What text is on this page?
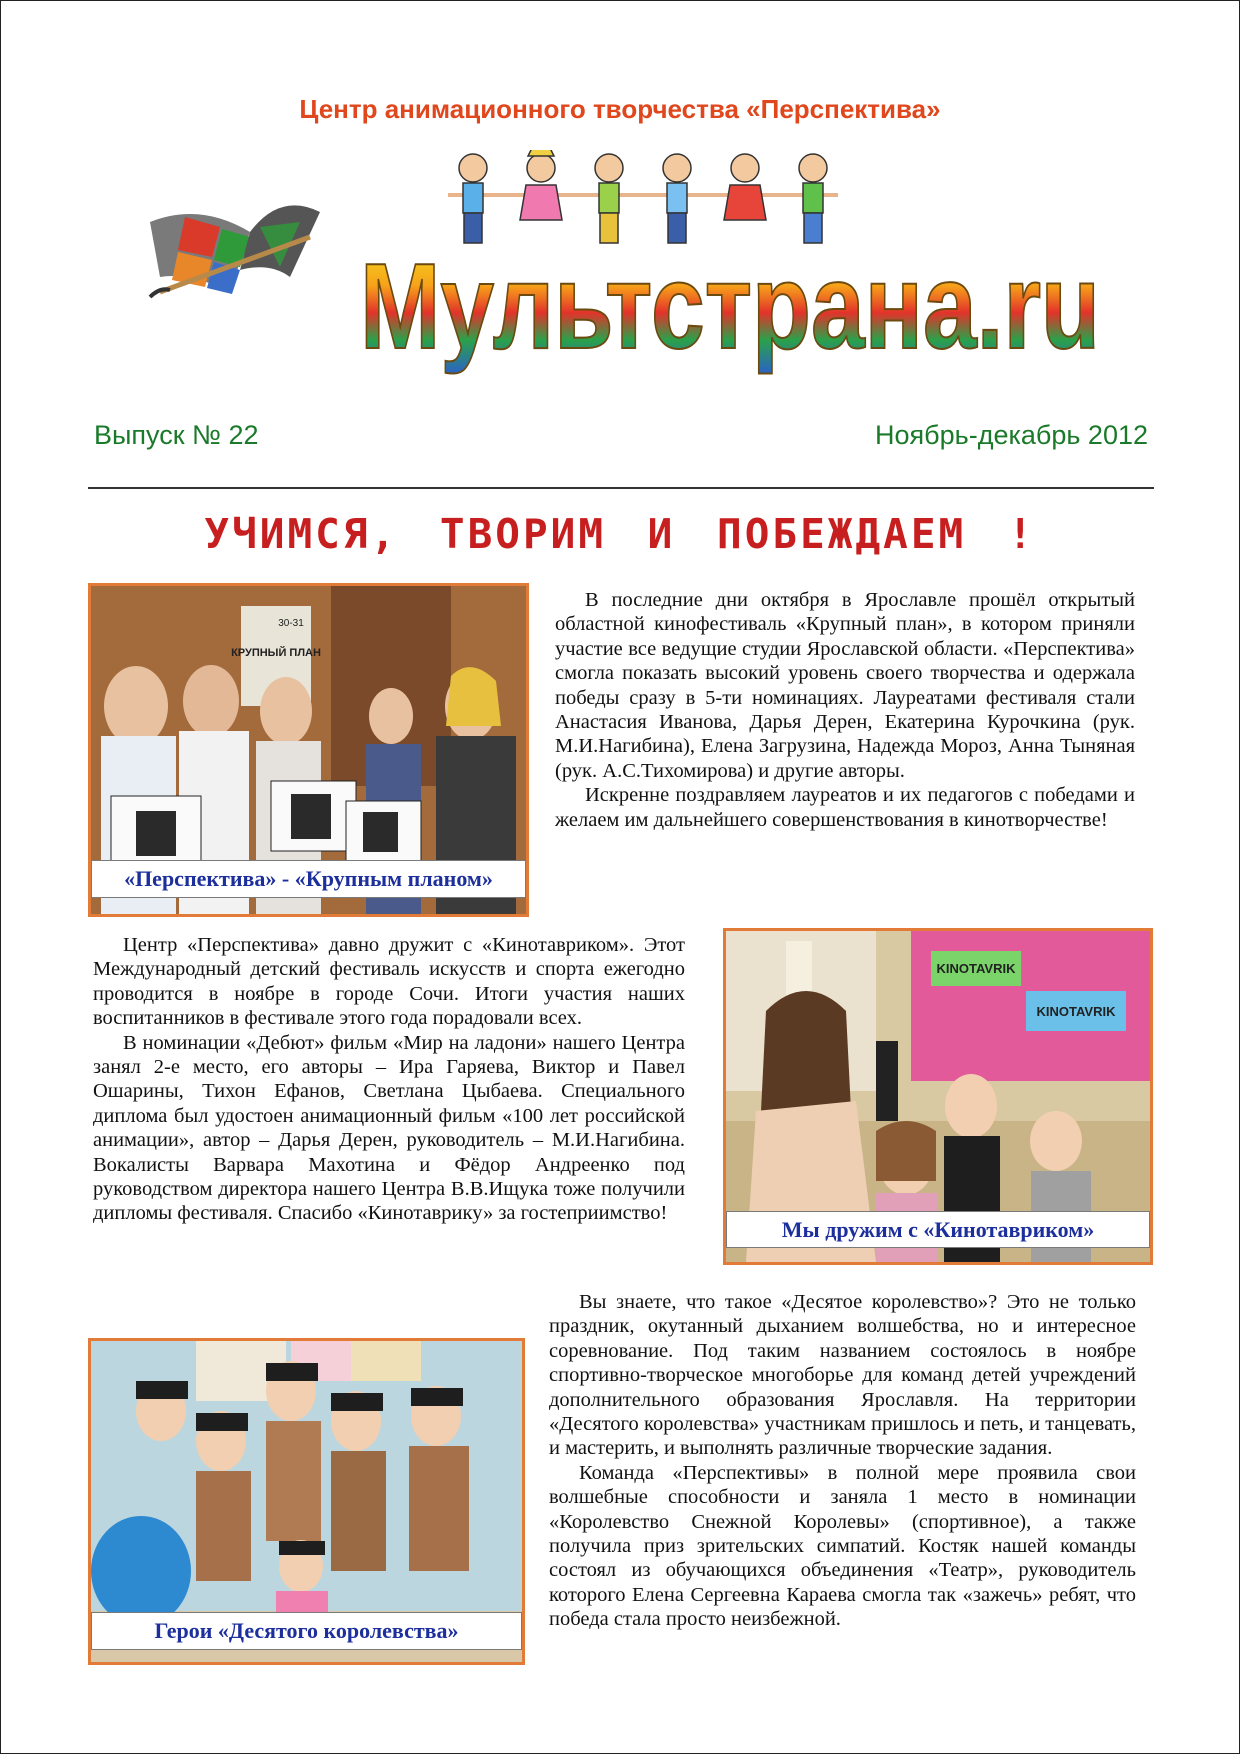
Центр анимационного творчества «Перспектива»
Мультстрана.ru
Выпуск № 22	Ноябрь-декабрь 2012
УЧИМСЯ, ТВОРИМ И ПОБЕЖДАЕМ !
КРУПНЫЙ ПЛАН
30-31
«Перспектива» - «Крупным планом»

В последние дни октября в Ярославле прошёл открытый областной кинофестиваль «Крупный план», в котором приняли участие все ведущие студии Ярославской области. «Перспектива» смогла показать высокий уровень своего творчества и одержала победы сразу в 5-ти номинациях. Лауреатами фестиваля стали Анастасия Иванова, Дарья Дерен, Екатерина Курочкина (рук. М.И.Нагибина), Елена Загрузина, Надежда Мороз, Анна Тыняная (рук. А.С.Тихомирова) и другие авторы.

Искренне поздравляем лауреатов и их педагогов с победами и желаем им дальнейшего совершенствования в кинотворчестве!

Центр «Перспектива» давно дружит с «Кинотавриком». Этот Международный детский фестиваль искусств и спорта ежегодно проводится в ноябре в городе Сочи. Итоги участия наших воспитанников в фестивале этого года порадовали всех.

В номинации «Дебют» фильм «Мир на ладони» нашего Центра занял 2-е место, его авторы – Ира Гаряева, Виктор и Павел Ошарины, Тихон Ефанов, Светлана Цыбаева. Специального диплома был удостоен анимационный фильм «100 лет российской анимации», автор – Дарья Дерен, руководитель – М.И.Нагибина. Вокалисты Варвара Махотина и Фёдор Андреенко под руководством директора нашего Центра В.В.Ищука тоже получили дипломы фестиваля. Спасибо «Кинотаврику» за гостеприимство!

KINOTAVRIK
KINOTAVRIK
Мы дружим с «Кинотавриком»
Герои «Десятого королевства»

Вы знаете, что такое «Десятое королевство»? Это не только праздник, окутанный дыханием волшебства, но и интересное соревнование. Под таким названием состоялось в ноябре спортивно-творческое многоборье для команд детей учреждений дополнительного образования Ярославля. На территории «Десятого королевства» участникам пришлось и петь, и танцевать, и мастерить, и выполнять различные творческие задания.

Команда «Перспективы» в полной мере проявила свои волшебные способности и заняла 1 место в номинации «Королевство Снежной Королевы» (спортивное), а также получила приз зрительских симпатий. Костяк нашей команды состоял из обучающихся объединения «Театр», руководитель которого Елена Сергеевна Караева смогла так «зажечь» ребят, что победа стала просто неизбежной.
